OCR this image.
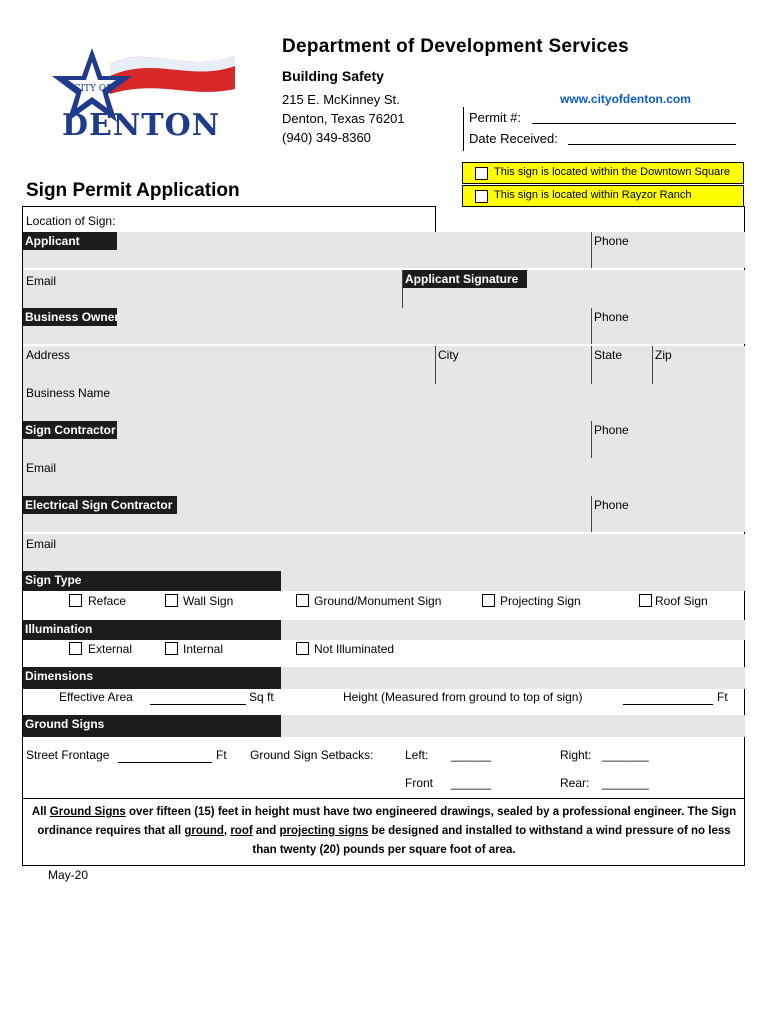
CITY OF
DENTON
Department of Development Services
Building Safety
215 E. McKinney St.
Denton, Texas 76201
(940) 349-8360
www.cityofdenton.com
Permit #:
Date Received:
This sign is located within the Downtown Square
This sign is located within Rayzor Ranch
Sign Permit Application
Location of Sign:
Applicant	Phone
Email	Applicant Signature
Business Owner	Phone
Address	City	State	Zip
Business Name
Sign Contractor	Phone
Email
Electrical Sign Contractor	Phone
Email
Sign Type
Reface	Wall Sign	Ground/Monument Sign	Projecting Sign	Roof Sign
Illumination
External	Internal	Not Illuminated
Dimensions
Effective Area	Sq ft	Height (Measured from ground to top of sign)	Ft
Ground Signs
Street Frontage	Ft Ground Sign Setbacks:	Left: ______	Right: _______
Front ______	Rear: _______
All Ground Signs over fifteen (15) feet in height must have two engineered drawings, sealed by a professional engineer. The Sign ordinance requires that all ground, roof and projecting signs be designed and installed to withstand a wind pressure of no less than twenty (20) pounds per square foot of area.
May-20
